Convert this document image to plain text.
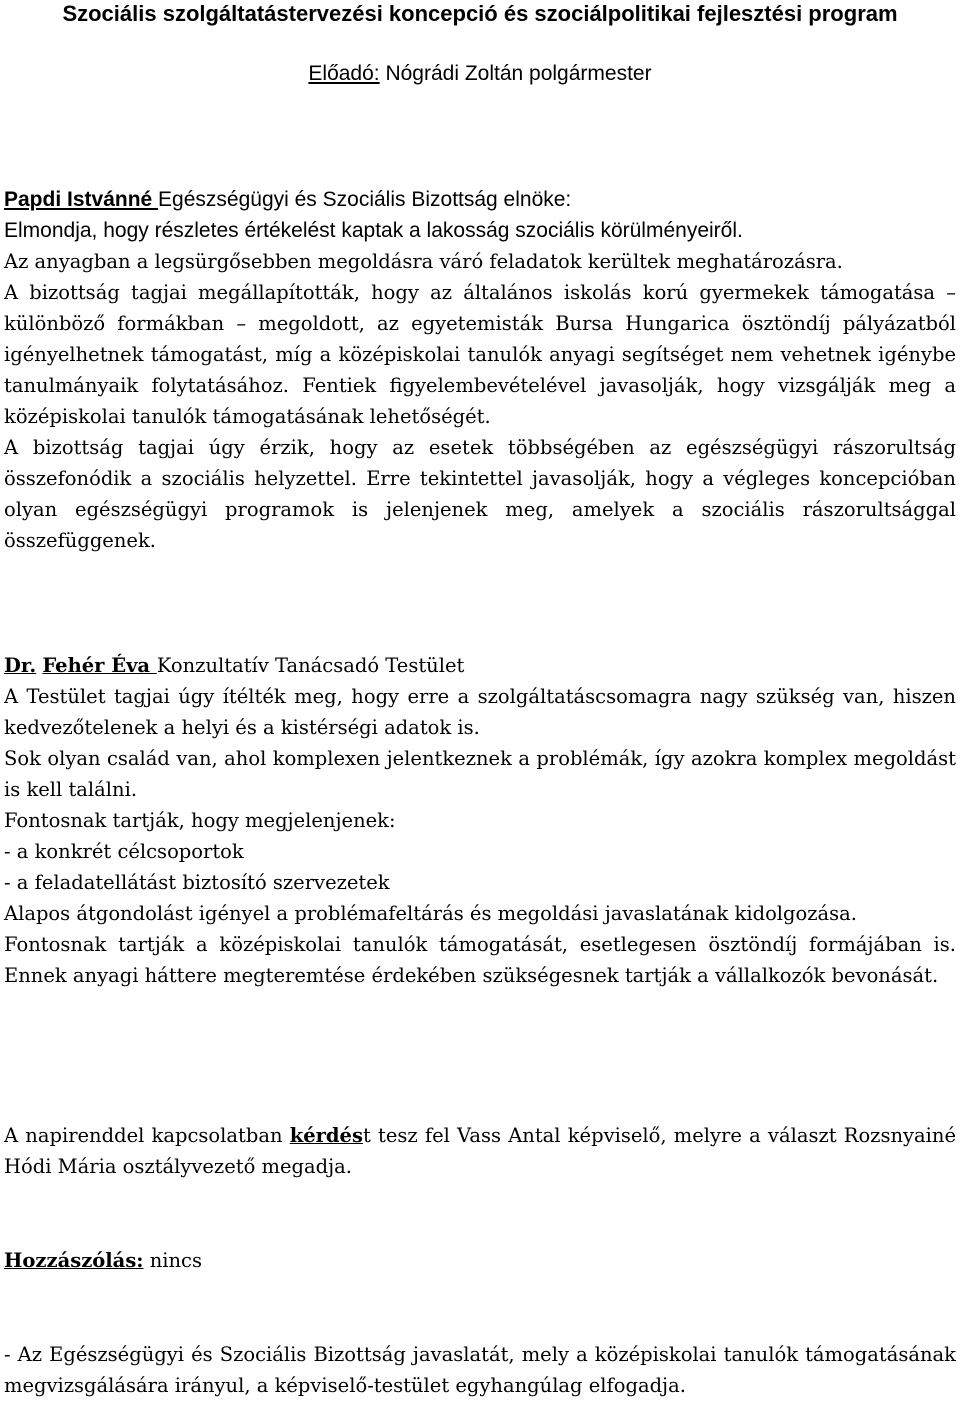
Szociális szolgáltatástervezési koncepció és szociálpolitikai fejlesztési program
Előadó: Nógrádi Zoltán polgármester

Papdi Istvánné Egészségügyi és Szociális Bizottság elnöke:

Elmondja, hogy részletes értékelést kaptak a lakosság szociális körülményeiről.

Az anyagban a legsürgősebben megoldásra váró feladatok kerültek meghatározásra.

A bizottság tagjai megállapították, hogy az általános iskolás korú gyermekek támogatása – különböző formákban – megoldott, az egyetemisták Bursa Hungarica ösztöndíj pályázatból igényelhetnek támogatást, míg a középiskolai tanulók anyagi segítséget nem vehetnek igénybe tanulmányaik folytatásához. Fentiek figyelembevételével javasolják, hogy vizsgálják meg a középiskolai tanulók támogatásának lehetőségét.

A bizottság tagjai úgy érzik, hogy az esetek többségében az egészségügyi rászorultság összefonódik a szociális helyzettel. Erre tekintettel javasolják, hogy a végleges koncepcióban olyan egészségügyi programok is jelenjenek meg, amelyek a szociális rászorultsággal összefüggenek.

Dr. Fehér Éva Konzultatív Tanácsadó Testület

A Testület tagjai úgy ítélték meg, hogy erre a szolgáltatáscsomagra nagy szükség van, hiszen kedvezőtelenek a helyi és a kistérségi adatok is.

Sok olyan család van, ahol komplexen jelentkeznek a problémák, így azokra komplex megoldást is kell találni.

Fontosnak tartják, hogy megjelenjenek:

- a konkrét célcsoportok

- a feladatellátást biztosító szervezetek

Alapos átgondolást igényel a problémafeltárás és megoldási javaslatának kidolgozása.

Fontosnak tartják a középiskolai tanulók támogatását, esetlegesen ösztöndíj formájában is. Ennek anyagi háttere megteremtése érdekében szükségesnek tartják a vállalkozók bevonását.

A napirenddel kapcsolatban kérdést tesz fel Vass Antal képviselő, melyre a választ Rozsnyainé Hódi Mária osztályvezető megadja.

Hozzászólás: nincs

- Az Egészségügyi és Szociális Bizottság javaslatát, mely a középiskolai tanulók támogatásának megvizsgálására irányul, a képviselő-testület egyhangúlag elfogadja.
